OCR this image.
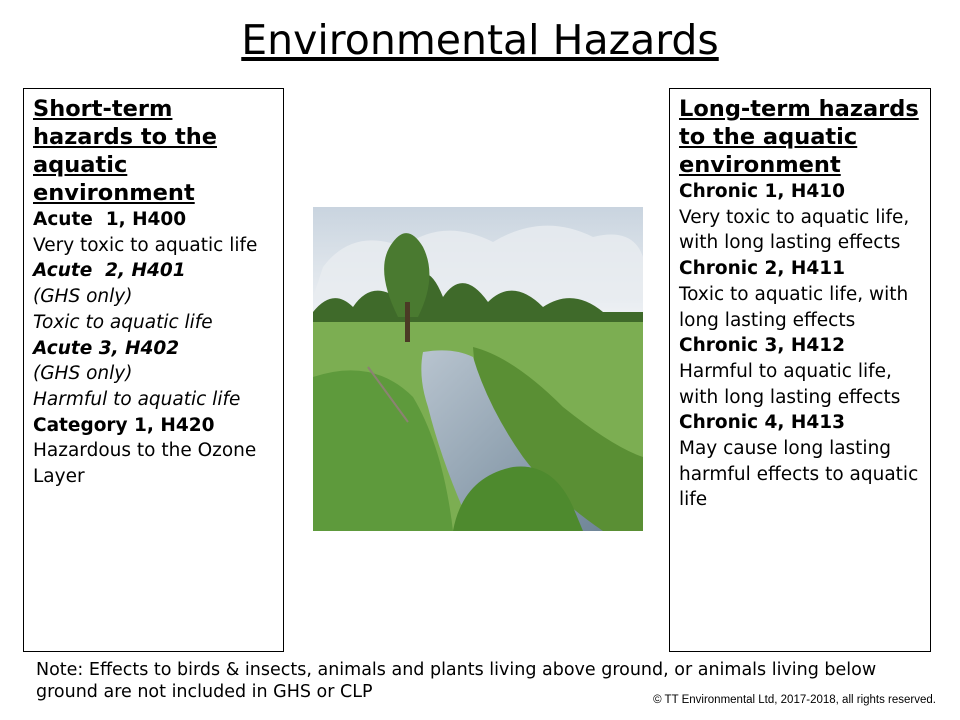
Environmental Hazards
Short-term hazards to the aquatic environment
Acute  1, H400
Very toxic to aquatic life
Acute  2, H401
(GHS only)
Toxic to aquatic life
Acute 3, H402
(GHS only)
Harmful to aquatic life
Category 1, H420
Hazardous to the Ozone Layer
Long-term hazards to the aquatic environment
Chronic 1, H410
Very toxic to aquatic life, with long lasting effects
Chronic 2, H411
Toxic to aquatic life, with long lasting effects
Chronic 3, H412
Harmful to aquatic life, with long lasting effects
Chronic 4, H413
May cause long lasting harmful effects to aquatic life
Note: Effects to birds & insects, animals and plants living above ground, or animals living below ground are not included in GHS or CLP	© TT Environmental Ltd, 2017-2018, all rights reserved.
